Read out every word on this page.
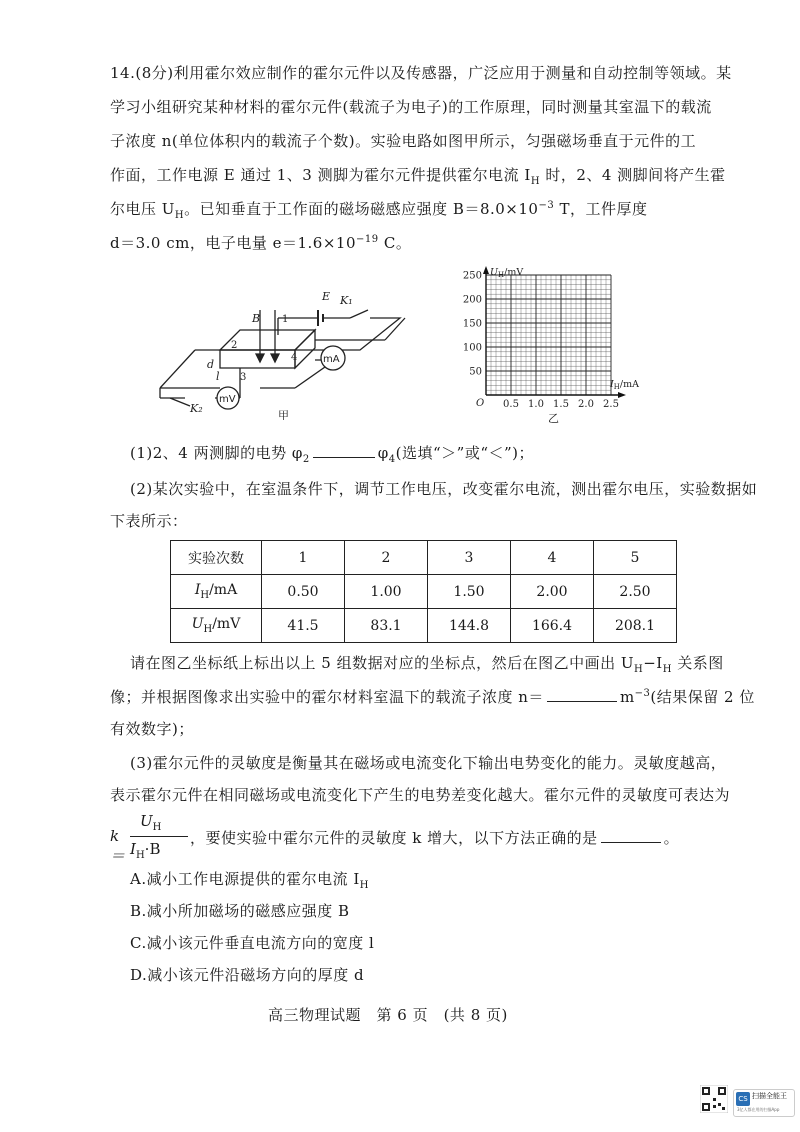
14.(8分)利用霍尔效应制作的霍尔元件以及传感器，广泛应用于测量和自动控制等领域。某
学习小组研究某种材料的霍尔元件(载流子为电子)的工作原理，同时测量其室温下的载流
子浓度 n(单位体积内的载流子个数)。实验电路如图甲所示，匀强磁场垂直于元件的工
作面，工作电源 E 通过 1、3 测脚为霍尔元件提供霍尔电流 $I_H$ 时，2、4 测脚间将产生霍
尔电压 $U_H$。已知垂直于工作面的磁场磁感应强度 $B=8.0\times 10^{-3}$ T，工件厚度
d＝3.0 cm，电子电量 $e=1.6\times 10^{-19}$ C。
mA
mV
B
E K₁
K₂
d
l
1
2
3
4
甲
50
100
150
200
250
0.5 1.0 1.5 2.0 2.5
O
$U_H/mV$
$I_H/mA$
乙
(1)2、4 两测脚的电势 $\varphi_2$	$\varphi_4$(选填“＞”或“＜”)；
(2)某次实验中，在室温条件下，调节工作电压，改变霍尔电流，测出霍尔电压，实验数据如
下表所示：
实验次数	1	2	3	4	5
$I_H/mA$	0.50	1.00	1.50	2.00	2.50
$U_H/mV$	41.5	83.1	144.8	166.4	208.1
请在图乙坐标纸上标出以上 5 组数据对应的坐标点，然后在图乙中画出 $U_H-I_H$ 关系图
像；并根据图像求出实验中的霍尔材料室温下的载流子浓度 n＝	$m^{-3}$(结果保留 2 位
有效数字)；
(3)霍尔元件的灵敏度是衡量其在磁场或电流变化下输出电势变化的能力。灵敏度越高，
表示霍尔元件在相同磁场或电流变化下产生的电势差变化越大。霍尔元件的灵敏度可表达为
k＝
$U_H$
$I_H\cdot B$
，要使实验中霍尔元件的灵敏度 k 增大，以下方法正确的是	。
A.减小工作电源提供的霍尔电流 $I_H$
B.减小所加磁场的磁感应强度 B
C.减小该元件垂直电流方向的宽度 l
D.减小该元件沿磁场方向的厚度 d
高三物理试题　第 6 页　(共 8 页)
CS 扫描全能王
3亿人都在用的扫描App
